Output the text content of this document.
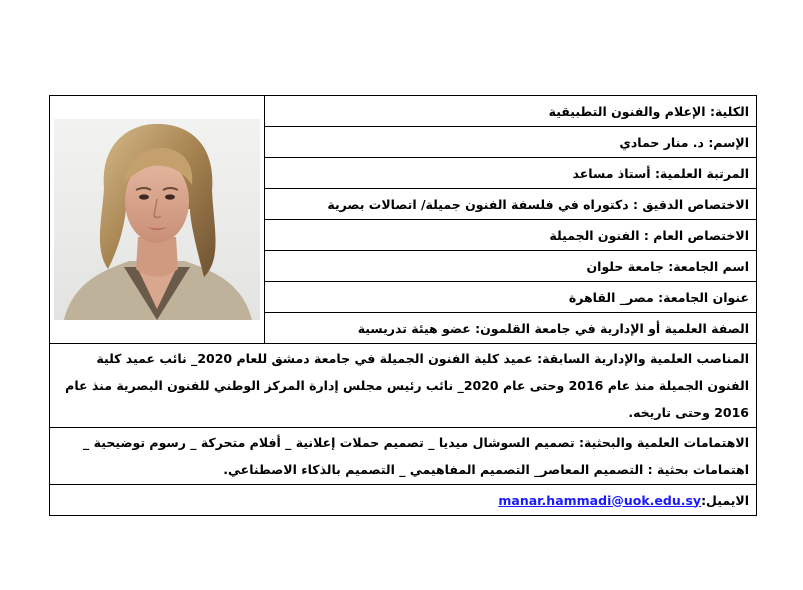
الكلية: الإعلام والفنون التطبيقية	

الإسم: د. منار حمادي
المرتبة العلمية: أستاذ مساعد
الاختصاص الدقيق : دكتوراه في فلسفة الفنون جميلة/ اتصالات بصرية
الاختصاص العام : الفنون الجميلة
اسم الجامعة: جامعة حلوان
عنوان الجامعة: مصر_ القاهرة
الصفة العلمية أو الإدارية في جامعة القلمون: عضو هيئة تدريسية
المناصب العلمية والإدارية السابقة: عميد كلية الفنون الجميلة في جامعة دمشق للعام 2020_ نائب عميد كلية الفنون الجميلة منذ عام 2016 وحتى عام 2020_ نائب رئيس مجلس إدارة المركز الوطني للفنون البصرية منذ عام 2016 وحتى تاريخه.
الاهتمامات العلمية والبحثية: تصميم السوشال ميديا _ تصميم حملات إعلانية _ أفلام متحركة _ رسوم توضيحية _ اهتمامات بحثية : التصميم المعاصر_ التصميم المفاهيمي _ التصميم بالذكاء الاصطناعي.
الايميل:manar.hammadi@uok.edu.sy
